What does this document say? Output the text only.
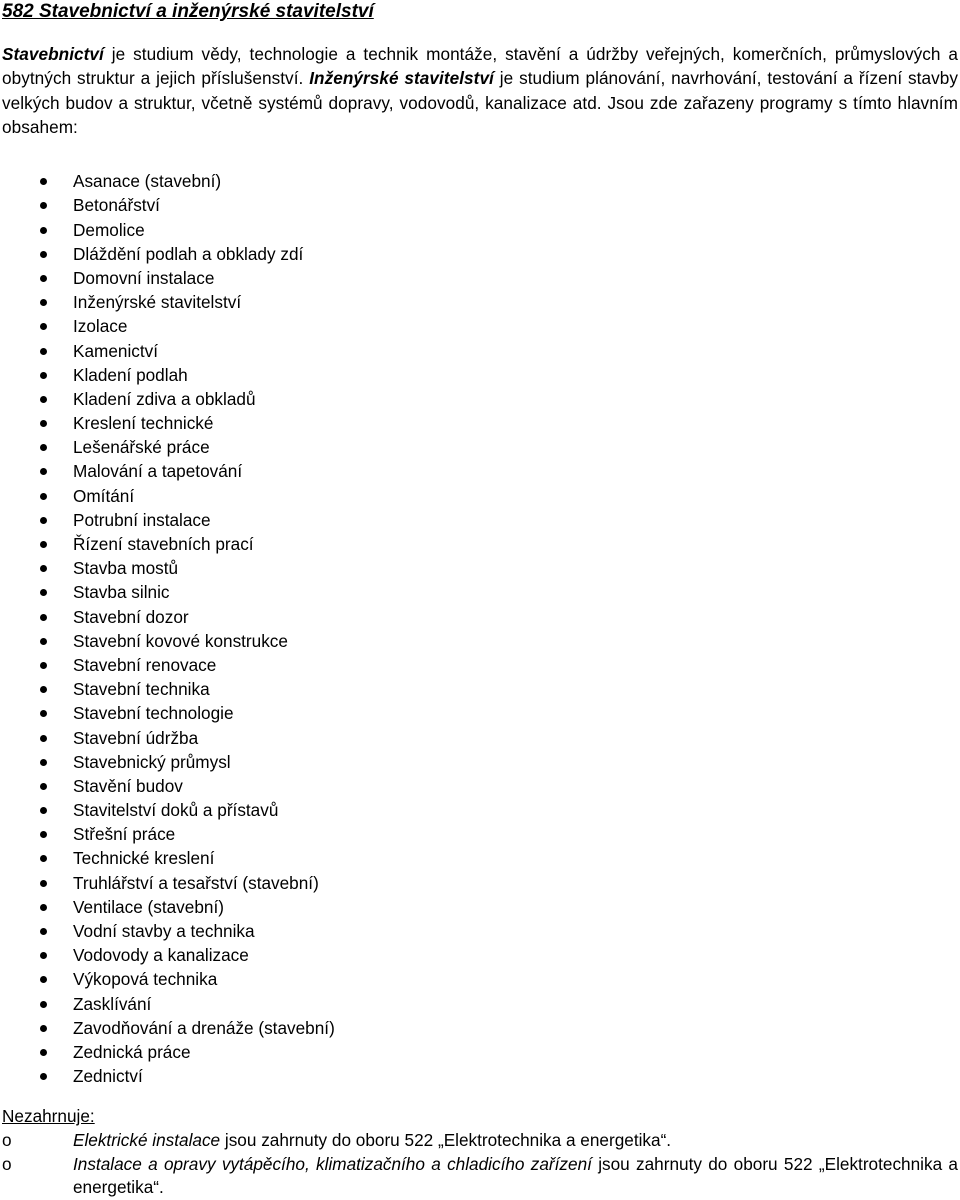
582 Stavebnictví a inženýrské stavitelství

Stavebnictví je studium vědy, technologie a technik montáže, stavění a údržby veřejných, komerčních, průmyslových a obytných struktur a jejich příslušenství. Inženýrské stavitelství je studium plánování, navrhování, testování a řízení stavby velkých budov a struktur, včetně systémů dopravy, vodovodů, kanalizace atd. Jsou zde zařazeny programy s tímto hlavním obsahem:

Asanace (stavební)
Betonářství
Demolice
Dláždění podlah a obklady zdí
Domovní instalace
Inženýrské stavitelství
Izolace
Kamenictví
Kladení podlah
Kladení zdiva a obkladů
Kreslení technické
Lešenářské práce
Malování a tapetování
Omítání
Potrubní instalace
Řízení stavebních prací
Stavba mostů
Stavba silnic
Stavební dozor
Stavební kovové konstrukce
Stavební renovace
Stavební technika
Stavební technologie
Stavební údržba
Stavebnický průmysl
Stavění budov
Stavitelství doků a přístavů
Střešní práce
Technické kreslení
Truhlářství a tesařství (stavební)
Ventilace (stavební)
Vodní stavby a technika
Vodovody a kanalizace
Výkopová technika
Zasklívání
Zavodňování a drenáže (stavební)
Zednická práce
Zednictví
Nezahrnuje:
o	Elektrické instalace jsou zahrnuty do oboru 522 „Elektrotechnika a energetika“.
o	Instalace a opravy vytápěcího, klimatizačního a chladicího zařízení jsou zahrnuty do oboru 522 „Elektrotechnika a energetika“.
